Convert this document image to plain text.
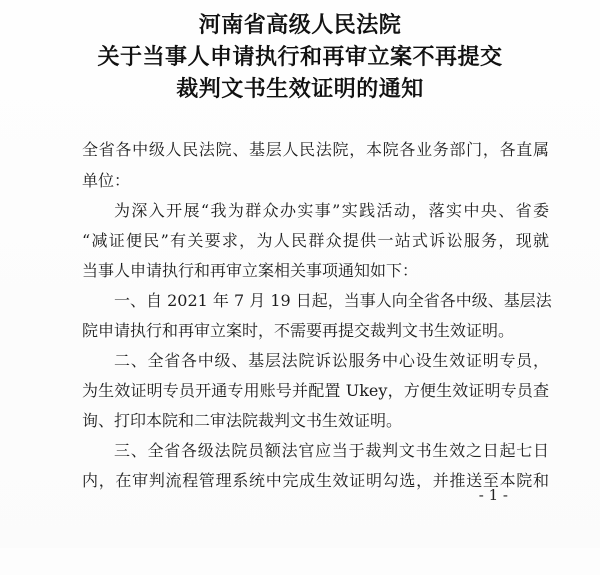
河南省高级人民法院
关于当事人申请执行和再审立案不再提交
裁判文书生效证明的通知
全省各中级人民法院、基层人民法院，本院各业务部门，各直属
单位：
为深入开展“我为群众办实事”实践活动，落实中央、省委
“减证便民”有关要求，为人民群众提供一站式诉讼服务，现就
当事人申请执行和再审立案相关事项通知如下：
一、自 2021 年 7 月 19 日起，当事人向全省各中级、基层法
院申请执行和再审立案时，不需要再提交裁判文书生效证明。
二、全省各中级、基层法院诉讼服务中心设生效证明专员，
为生效证明专员开通专用账号并配置 Ukey，方便生效证明专员查
询、打印本院和二审法院裁判文书生效证明。
三、全省各级法院员额法官应当于裁判文书生效之日起七日
内，在审判流程管理系统中完成生效证明勾选，并推送至本院和
- 1 -
